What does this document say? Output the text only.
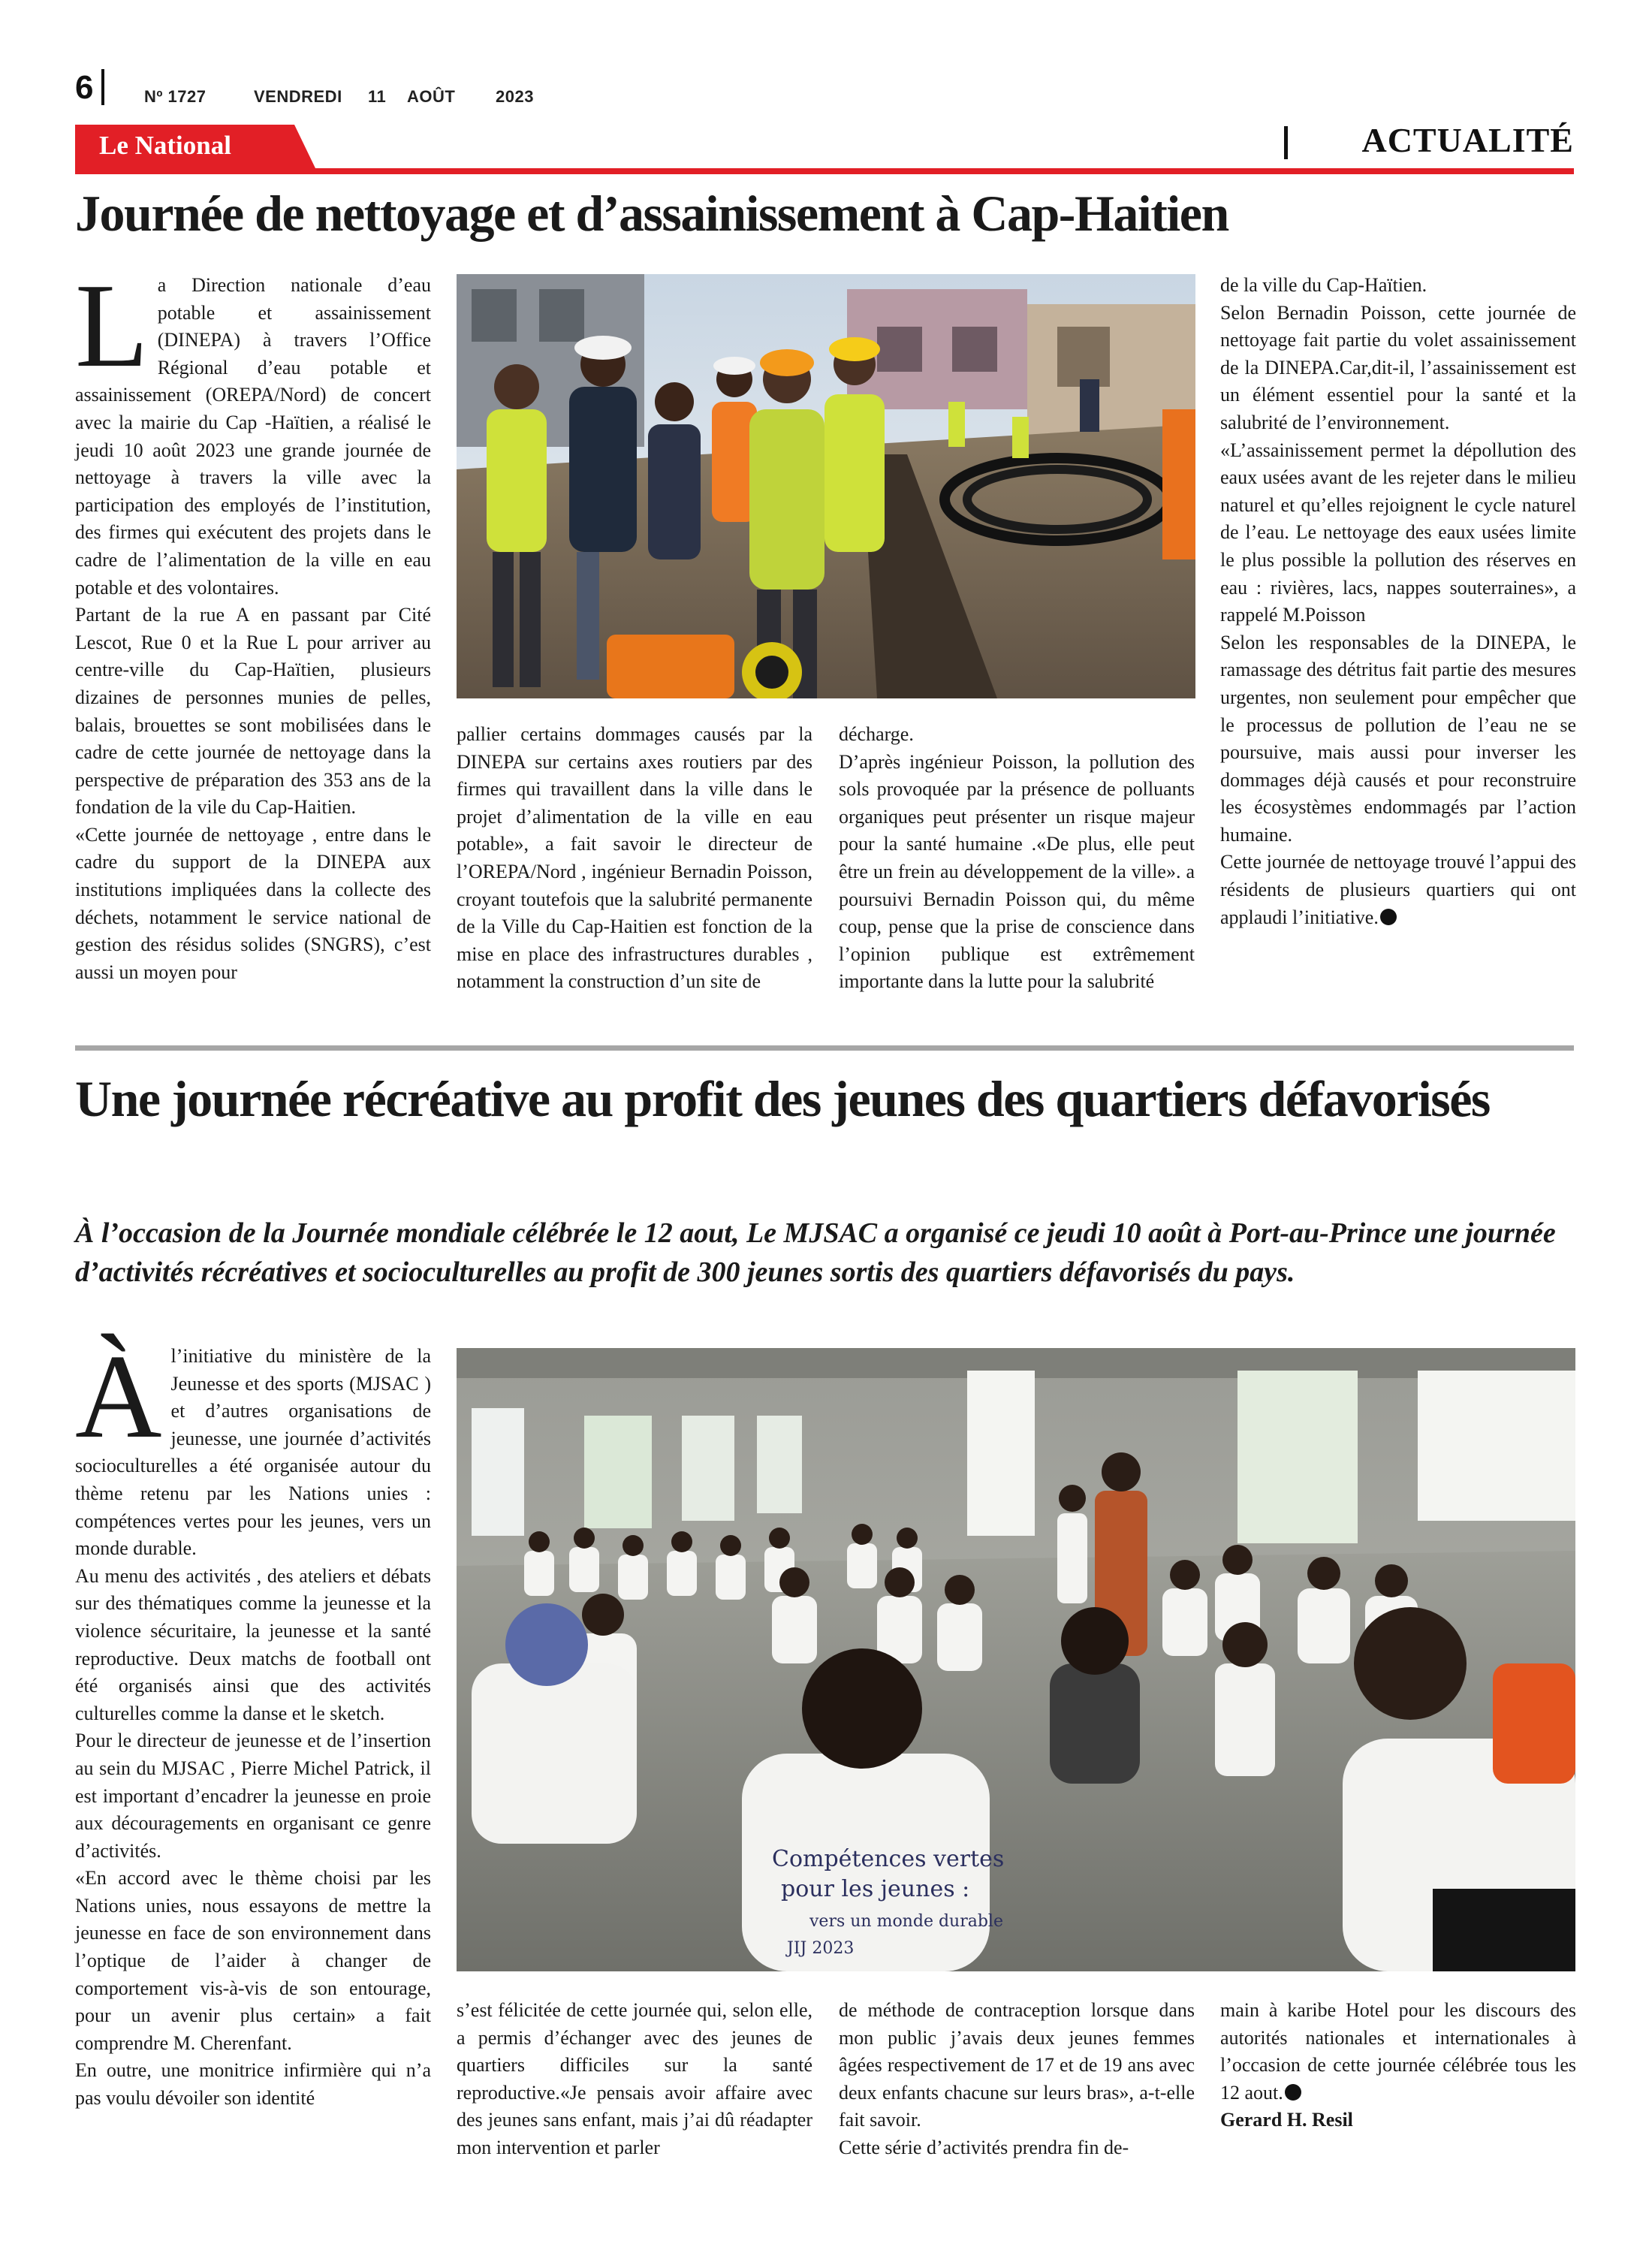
6	Nº 1727	VENDREDI 11 AOÛT 2023
Le National	ACTUALITÉ
Journée de nettoyage et d’assainissement à Cap-Haitien
L a Direction nationale d’eau potable et assainissement (DINEPA) à travers l’Office Régional d’eau potable et assainissement (OREPA/Nord) de concert avec la mairie du Cap -Haïtien, a réalisé le jeudi 10 août 2023 une grande journée de nettoyage à travers la ville avec la participation des employés de l’institution, des firmes qui exécutent des projets dans le cadre de l’alimentation de la ville en eau potable et des volontaires.

Partant de la rue A en passant par Cité Lescot, Rue 0 et la Rue L pour arriver au centre-ville du Cap-Haïtien, plusieurs dizaines de personnes munies de pelles, balais, brouettes se sont mobilisées dans le cadre de cette journée de nettoyage dans la perspective de préparation des 353 ans de la fondation de la vile du Cap-Haitien.

«Cette journée de nettoyage , entre dans le cadre du support de la DINEPA aux institutions impliquées dans la collecte des déchets, notamment le service national de gestion des résidus solides (SNGRS), c’est aussi un moyen pour

pallier certains dommages causés par la DINEPA sur certains axes routiers par des firmes qui travaillent dans la ville dans le projet d’alimentation de la ville en eau potable», a fait savoir le directeur de l’OREPA/Nord , ingénieur Bernadin Poisson, croyant toutefois que la salubrité permanente de la Ville du Cap-Haitien est fonction de la mise en place des infrastructures durables , notamment la construction d’un site de

décharge.

D’après ingénieur Poisson, la pollution des sols provoquée par la présence de polluants organiques peut présenter un risque majeur pour la santé humaine .«De plus, elle peut être un frein au développement de la ville». a poursuivi Bernadin Poisson qui, du même coup, pense que la prise de conscience dans l’opinion publique est extrêmement importante dans la lutte pour la salubrité

de la ville du Cap-Haïtien.

Selon Bernadin Poisson, cette journée de nettoyage fait partie du volet assainissement de la DINEPA.Car,dit-il, l’assainissement est un élément essentiel pour la santé et la salubrité de l’environnement.

«L’assainissement permet la dépollution des eaux usées avant de les rejeter dans le milieu naturel et qu’elles rejoignent le cycle naturel de l’eau. Le nettoyage des eaux usées limite le plus possible la pollution des réserves en eau : rivières, lacs, nappes souterraines», a rappelé M.Poisson

Selon les responsables de la DINEPA, le ramassage des détritus fait partie des mesures urgentes, non seulement pour empêcher que le processus de pollution de l’eau ne se poursuive, mais aussi pour inverser les dommages déjà causés et pour reconstruire les écosystèmes endommagés par l’action humaine.

Cette journée de nettoyage trouvé l’appui des résidents de plusieurs quartiers qui ont applaudi l’initiative.

Une journée récréative au profit des jeunes des quartiers défavorisés
À l’occasion de la Journée mondiale célébrée le 12 aout, Le MJSAC a organisé ce jeudi 10 août à Port-au-Prince une journée d’activités récréatives et socioculturelles au profit de 300 jeunes sortis des quartiers défavorisés du pays.
À l’initiative du ministère de la Jeunesse et des sports (MJSAC ) et d’autres organisations de jeunesse, une journée d’activités socioculturelles a été organisée autour du thème retenu par les Nations unies : compétences vertes pour les jeunes, vers un monde durable.

Au menu des activités , des ateliers et débats sur des thématiques comme la jeunesse et la violence sécuritaire, la jeunesse et la santé reproductive. Deux matchs de football ont été organisés ainsi que des activités culturelles comme la danse et le sketch.

Pour le directeur de jeunesse et de l’insertion au sein du MJSAC , Pierre Michel Patrick, il est important d’encadrer la jeunesse en proie aux découragements en organisant ce genre d’activités.

«En accord avec le thème choisi par les Nations unies, nous essayons de mettre la jeunesse en face de son environnement dans l’optique de l’aider à changer de comportement vis-à-vis de son entourage, pour un avenir plus certain» a fait comprendre M. Cherenfant.

En outre, une monitrice infirmière qui n’a pas voulu dévoiler son identité

Compétences vertes
pour les jeunes :
vers un monde durable
JIJ 2023

s’est félicitée de cette journée qui, selon elle, a permis d’échanger avec des jeunes de quartiers difficiles sur la santé reproductive.«Je pensais avoir affaire avec des jeunes sans enfant, mais j’ai dû réadapter mon intervention et parler

de méthode de contraception lorsque dans mon public j’avais deux jeunes femmes âgées respectivement de 17 et de 19 ans avec deux enfants chacune sur leurs bras», a-t-elle fait savoir.

Cette série d’activités prendra fin de-

main à karibe Hotel pour les discours des autorités nationales et internationales à l’occasion de cette journée célébrée tous les 12 aout.

Gerard H. Resil
